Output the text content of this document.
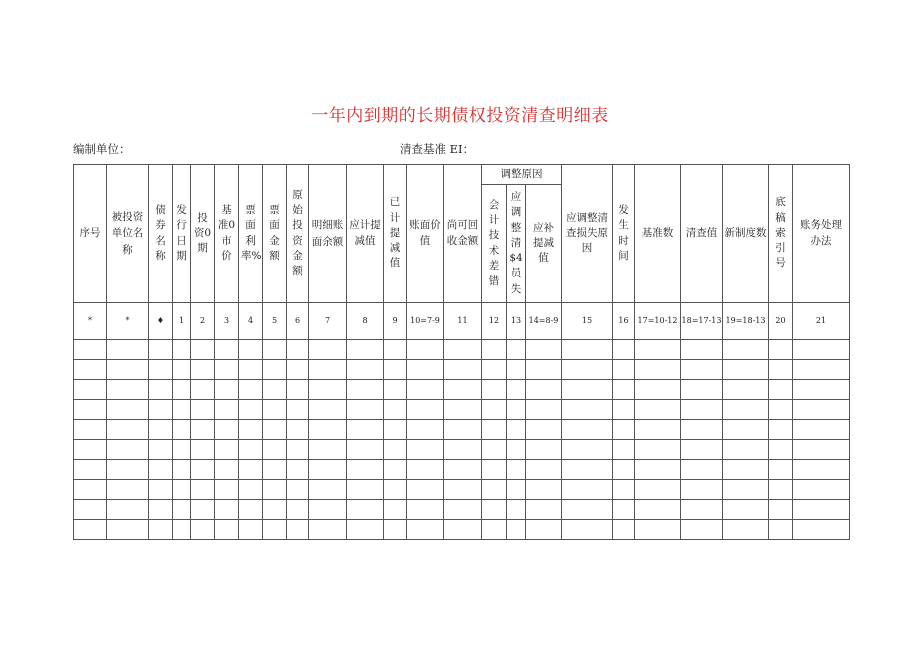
一年内到期的长期债权投资清查明细表
编制单位：	清查基准 EI：
序号	被投资单位名称	债券名称	发行日期	投资0期	基准0市价	票面利率%	票面金额	原始投资金额	明细账面余额	应计提减值	已计提减值	账面价值	尚可回收金额	调整原因			应调整清查损失原因	发生时间	基准数	清查值	新制度数	底稿索引号	账务处理办法
														会计技术差错	应调整清$4员失	应补提减值							
*	*	♦	1	2	3	4	5	6	7	8	9	10=7-9	11	12	13	14=8-9	15	16	17=10-12	18=17-13	19=18-13	20	21
